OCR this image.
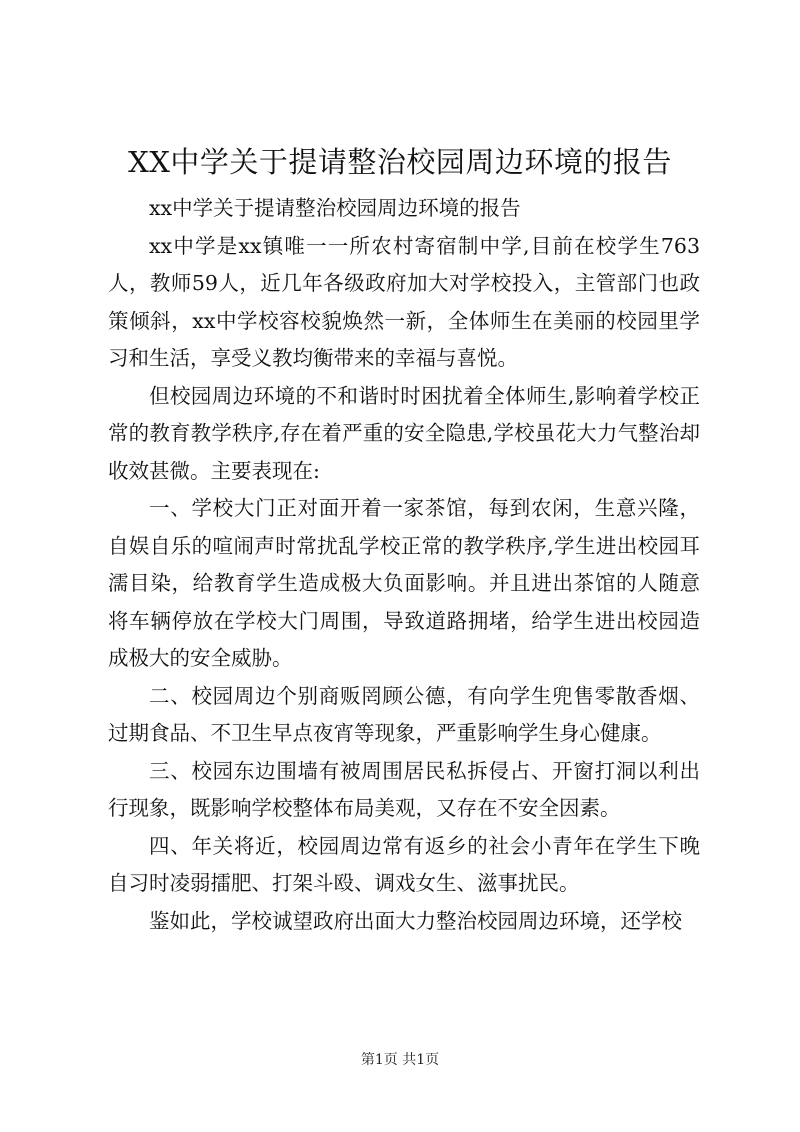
XX中学关于提请整治校园周边环境的报告

xx中学关于提请整治校园周边环境的报告

xx中学是xx镇唯一一所农村寄宿制中学,目前在校学生763人，教师59人，近几年各级政府加大对学校投入，主管部门也政策倾斜，xx中学校容校貌焕然一新，全体师生在美丽的校园里学习和生活，享受义教均衡带来的幸福与喜悦。

但校园周边环境的不和谐时时困扰着全体师生,影响着学校正常的教育教学秩序,存在着严重的安全隐患,学校虽花大力气整治却收效甚微。主要表现在:

一、学校大门正对面开着一家茶馆，每到农闲，生意兴隆，自娱自乐的喧闹声时常扰乱学校正常的教学秩序,学生进出校园耳濡目染，给教育学生造成极大负面影响。并且进出茶馆的人随意将车辆停放在学校大门周围，导致道路拥堵，给学生进出校园造成极大的安全威胁。

二、校园周边个别商贩罔顾公德，有向学生兜售零散香烟、过期食品、不卫生早点夜宵等现象，严重影响学生身心健康。

三、校园东边围墙有被周围居民私拆侵占、开窗打洞以利出行现象，既影响学校整体布局美观，又存在不安全因素。

四、年关将近，校园周边常有返乡的社会小青年在学生下晚自习时凌弱擂肥、打架斗殴、调戏女生、滋事扰民。

鉴如此，学校诚望政府出面大力整治校园周边环境，还学校

第1页 共1页
